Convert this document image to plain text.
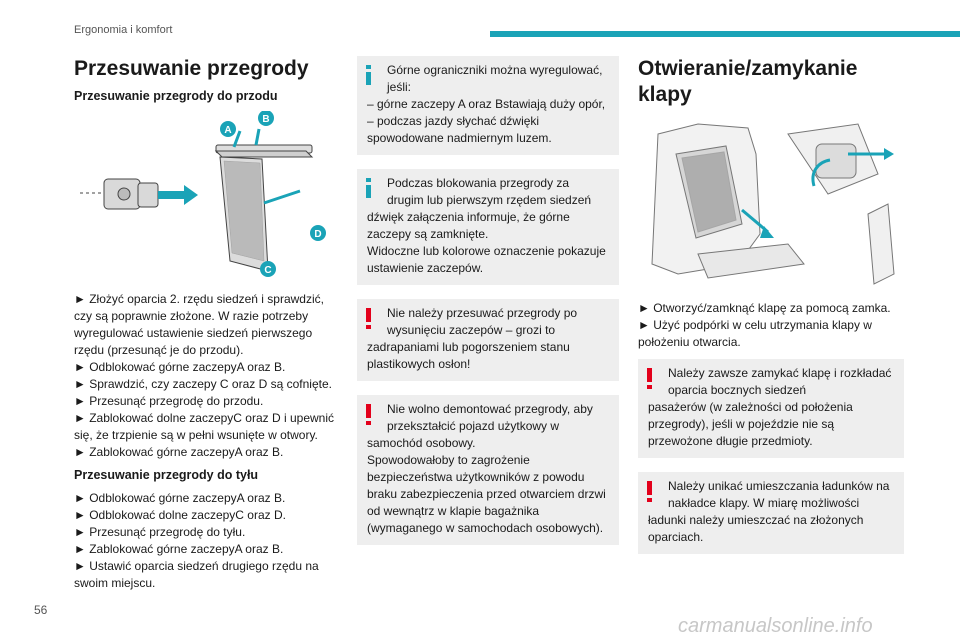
Ergonomia i komfort
Przesuwanie przegrody
Przesuwanie przegrody do przodu
A
B
D
C

► Złożyć oparcia 2. rzędu siedzeń i sprawdzić, czy są poprawnie złożone. W razie potrzeby wyregulować ustawienie siedzeń pierwszego rzędu (przesunąć je do przodu).

► Odblokować górne zaczepyA oraz B.

► Sprawdzić, czy zaczepy C oraz D są cofnięte.

► Przesunąć przegrodę do przodu.

► Zablokować dolne zaczepyC oraz D i upewnić się, że trzpienie są w pełni wsunięte w otwory.

► Zablokować górne zaczepyA oraz B.

Przesuwanie przegrody do tyłu

► Odblokować górne zaczepyA oraz B.

► Odblokować dolne zaczepyC oraz D.

► Przesunąć przegrodę do tyłu.

► Zablokować górne zaczepyA oraz B.

► Ustawić oparcia siedzeń drugiego rzędu na swoim miejscu.

Górne ograniczniki można wyregulować, jeśli:

– górne zaczepy A oraz Bstawiają duży opór,

– podczas jazdy słychać dźwięki spowodowane nadmiernym luzem.

Podczas blokowania przegrody za drugim lub pierwszym rzędem siedzeń

dźwięk załączenia informuje, że górne zaczepy są zamknięte.

Widoczne lub kolorowe oznaczenie pokazuje ustawienie zaczepów.

Nie należy przesuwać przegrody po wysunięciu zaczepów – grozi to

zadrapaniami lub pogorszeniem stanu plastikowych osłon!

Nie wolno demontować przegrody, aby przekształcić pojazd użytkowy w

samochód osobowy.

Spowodowałoby to zagrożenie bezpieczeństwa użytkowników z powodu braku zabezpieczenia przed otwarciem drzwi od wewnątrz w klapie bagażnika (wymaganego w samochodach osobowych).

Otwieranie/zamykanie klapy

► Otworzyć/zamknąć klapę za pomocą zamka.

► Użyć podpórki w celu utrzymania klapy w położeniu otwarcia.

Należy zawsze zamykać klapę i rozkładać oparcia bocznych siedzeń

pasażerów (w zależności od położenia przegrody), jeśli w pojeździe nie są przewożone długie przedmioty.

Należy unikać umieszczania ładunków na nakładce klapy. W miarę możliwości

ładunki należy umieszczać na złożonych oparciach.

56
carmanualsonline.info
